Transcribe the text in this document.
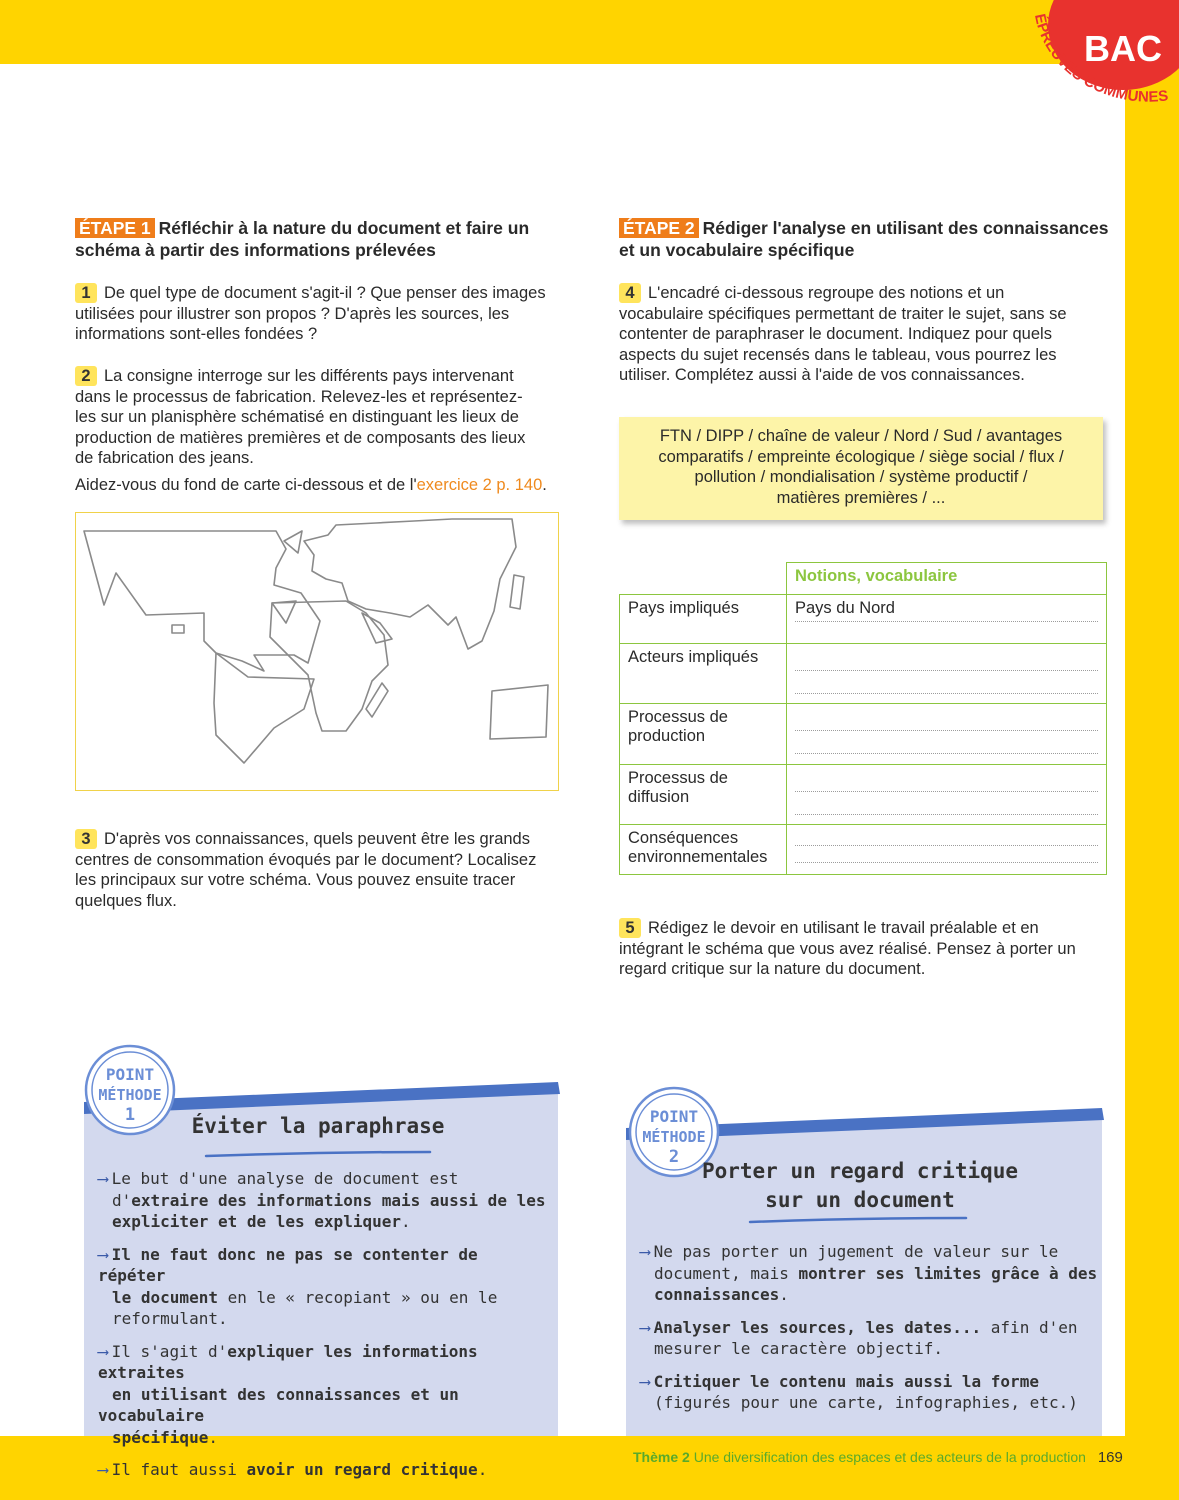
BAC
ÉPREUVES COMMUNES
ÉTAPE 1 Réfléchir à la nature du document et faire un
schéma à partir des informations prélevées
ÉTAPE 2 Rédiger l'analyse en utilisant des connaissances
et un vocabulaire spécifique
1 De quel type de document s'agit-il ? Que penser des images
utilisées pour illustrer son propos ? D'après les sources, les
informations sont-elles fondées ?
2 La consigne interroge sur les différents pays intervenant
dans le processus de fabrication. Relevez-les et représentez-
les sur un planisphère schématisé en distinguant les lieux de
production de matières premières et de composants des lieux
de fabrication des jeans.
Aidez-vous du fond de carte ci-dessous et de l'exercice 2 p. 140.
3 D'après vos connaissances, quels peuvent être les grands
centres de consommation évoqués par le document? Localisez
les principaux sur votre schéma. Vous pouvez ensuite tracer
quelques flux.
4 L'encadré ci-dessous regroupe des notions et un
vocabulaire spécifiques permettant de traiter le sujet, sans se
contenter de paraphraser le document. Indiquez pour quels
aspects du sujet recensés dans le tableau, vous pourrez les
utiliser. Complétez aussi à l'aide de vos connaissances.
FTN / DIPP / chaîne de valeur / Nord / Sud / avantages
comparatifs / empreinte écologique / siège social / flux /
pollution / mondialisation / système productif /
matières premières / ...
	Notions, vocabulaire
Pays impliqués	Pays du Nord

Acteurs impliqués	

Processus de production	

Processus de diffusion	

Conséquences environnementales	
5 Rédigez le devoir en utilisant le travail préalable et en
intégrant le schéma que vous avez réalisé. Pensez à porter un
regard critique sur la nature du document.
POINT
MÉTHODE
1	Éviter la paraphrase

⟶ Le but d'une analyse de document est
d'extraire des informations mais aussi de les
expliciter et de les expliquer.

⟶ Il ne faut donc ne pas se contenter de répéter
le document en le « recopiant » ou en le
reformulant.

⟶ Il s'agit d'expliquer les informations extraites
en utilisant des connaissances et un vocabulaire
spécifique.

⟶ Il faut aussi avoir un regard critique.

POINT
MÉTHODE
2
Porter un regard critique
sur un document

⟶ Ne pas porter un jugement de valeur sur le
document, mais montrer ses limites grâce à des
connaissances.

⟶ Analyser les sources, les dates... afin d'en
mesurer le caractère objectif.

⟶ Critiquer le contenu mais aussi la forme
(figurés pour une carte, infographies, etc.)

Thème 2 Une diversification des espaces et des acteurs de la production 169
